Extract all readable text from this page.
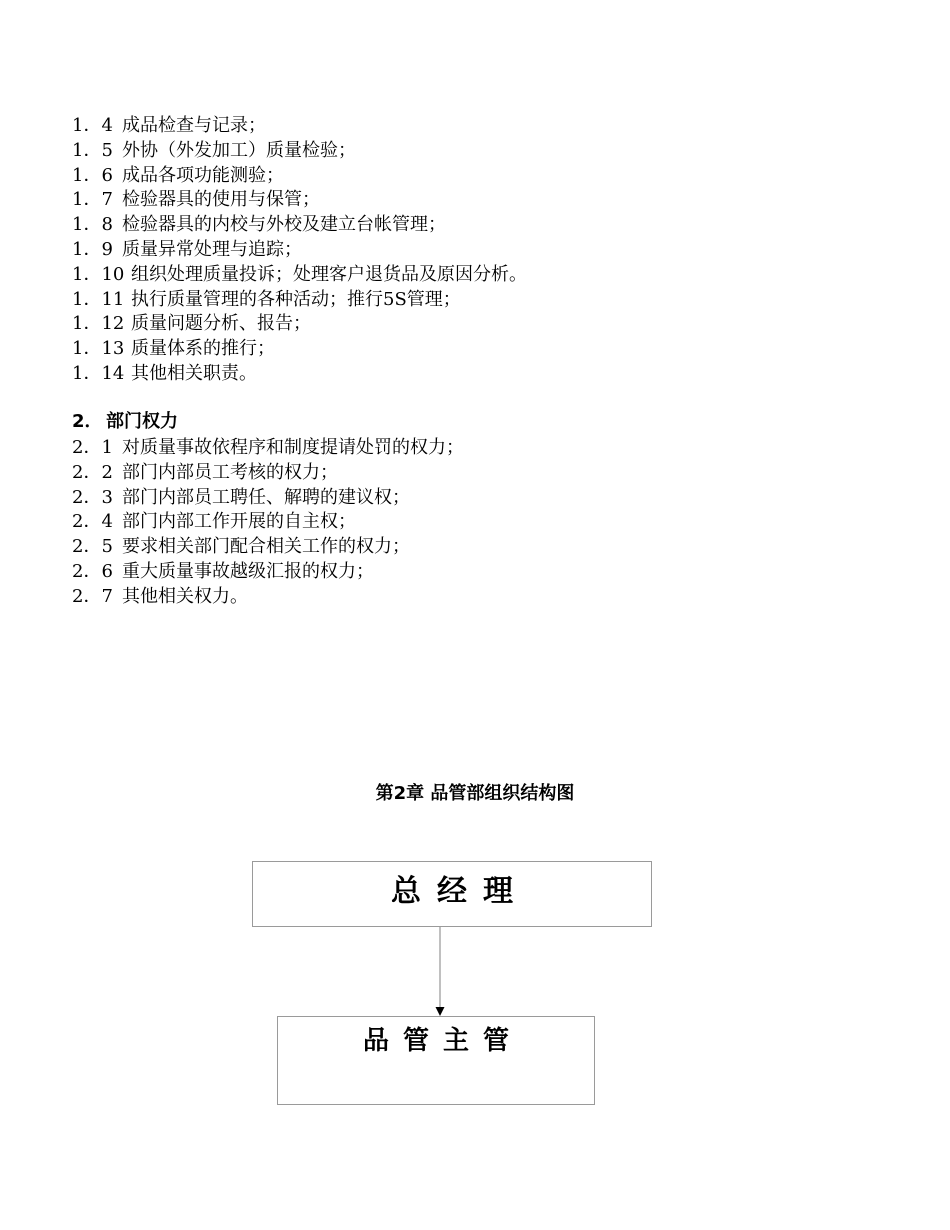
1．4 成品检查与记录；
1．5 外协（外发加工）质量检验；
1．6 成品各项功能测验；
1．7 检验器具的使用与保管；
1．8 检验器具的内校与外校及建立台帐管理；
1．9 质量异常处理与追踪；
1．10 组织处理质量投诉；处理客户退货品及原因分析。
1．11 执行质量管理的各种活动；推行5S管理；
1．12 质量问题分析、报告；
1．13 质量体系的推行；
1．14 其他相关职责。
2． 部门权力
2．1 对质量事故依程序和制度提请处罚的权力；
2．2 部门内部员工考核的权力；
2．3 部门内部员工聘任、解聘的建议权；
2．4 部门内部工作开展的自主权；
2．5 要求相关部门配合相关工作的权力；
2．6 重大质量事故越级汇报的权力；
2．7 其他相关权力。
第2章 品管部组织结构图
总经理
品管主管
